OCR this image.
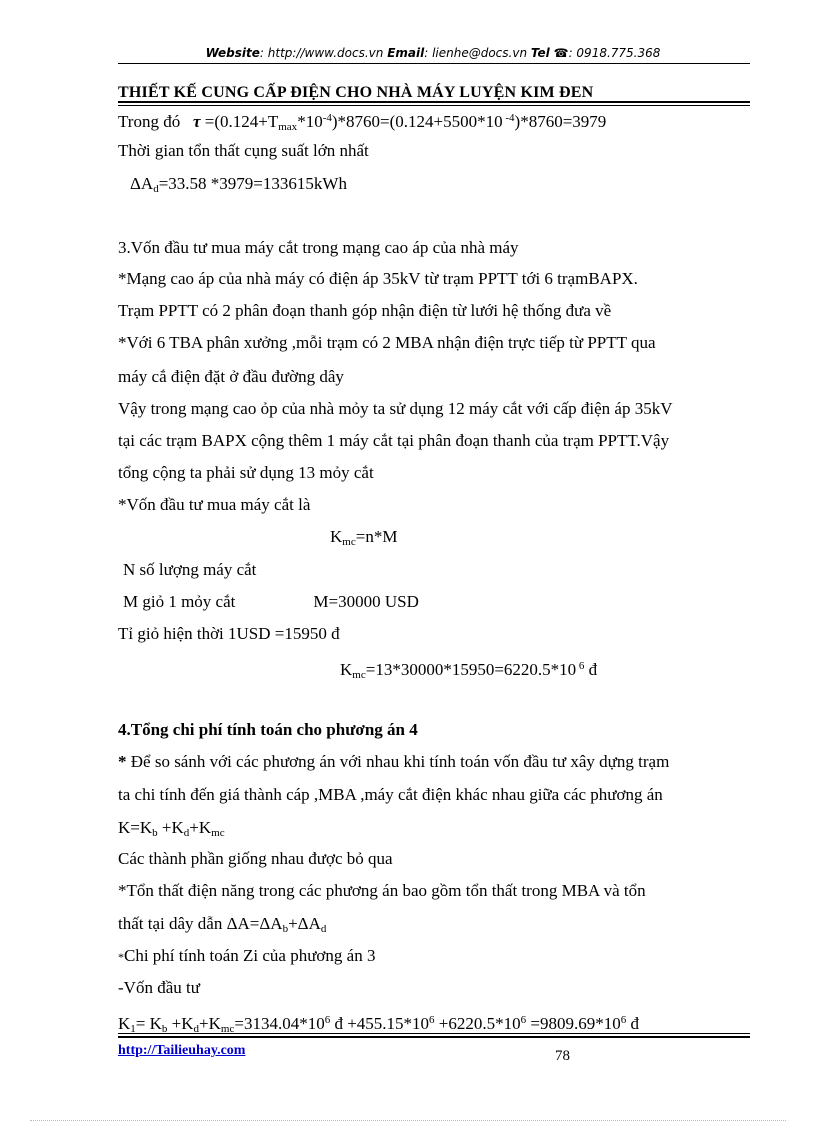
Website: http://www.docs.vn Email: lienhe@docs.vn Tel ☎: 0918.775.368
THIẾT KẾ CUNG CẤP ĐIỆN CHO NHÀ MÁY LUYỆN KIM ĐEN
Trong đó $\tau =(0.124+T_{max}*10^{-4})*8760=(0.124+5500*10$ $^{-4}$)*8760=3979
Thời gian tổn thất cụng suất lớn nhất
$\Delta A_d=33.58$ *3979=133615kWh
3.Vốn đầu tư mua máy cắt trong mạng cao áp của nhà máy
*Mạng cao áp của nhà máy có điện áp 35kV từ trạm PPTT tới 6 trạmBAPX.
Trạm PPTT có 2 phân đoạn thanh góp nhận điện từ lưới hệ thống đưa về
*Với 6 TBA phân xưởng ,mỗi trạm có 2 MBA nhận điện trực tiếp từ PPTT qua
máy cắ điện đặt ở đầu đường dây
Vậy trong mạng cao ỏp của nhà mỏy ta sử dụng 12 máy cắt với cấp điện áp 35kV
tại các trạm BAPX cộng thêm 1 máy cắt tại phân đoạn thanh của trạm PPTT.Vậy
tổng cộng ta phải sử dụng 13 mỏy cắt
*Vốn đầu tư mua máy cắt là
$K_{mc}=n*M$
N số lượng máy cắt
M giỏ 1 mỏy cắt	M=30000 USD
Tỉ giỏ hiện thời 1USD =15950 đ
$K_{mc}=13*30000*15950=6220.5*10$ $^6$ đ
4.Tổng chi phí tính toán cho phương án 4
* Để so sánh với các phương án với nhau khi tính toán vốn đầu tư xây dựng trạm
ta chi tính đến giá thành cáp ,MBA ,máy cắt điện khác nhau giữa các phương án
$K=K_b +K_d+K_{mc}$
Các thành phần giống nhau được bỏ qua
*Tổn thất điện năng trong các phương án bao gồm tổn thất trong MBA và tổn
thất tại dây dẫn $\Delta A=\Delta A_b+\Delta A_d$
*Chi phí tính toán Zi của phương án 3
-Vốn đầu tư
$K_1= K_b +K_d+K_{mc}=3134.04*10^6$ đ $+455.15*10^6 +6220.5*10^6 =9809.69*10^6$ đ
http://Tailieuhay.com	78
